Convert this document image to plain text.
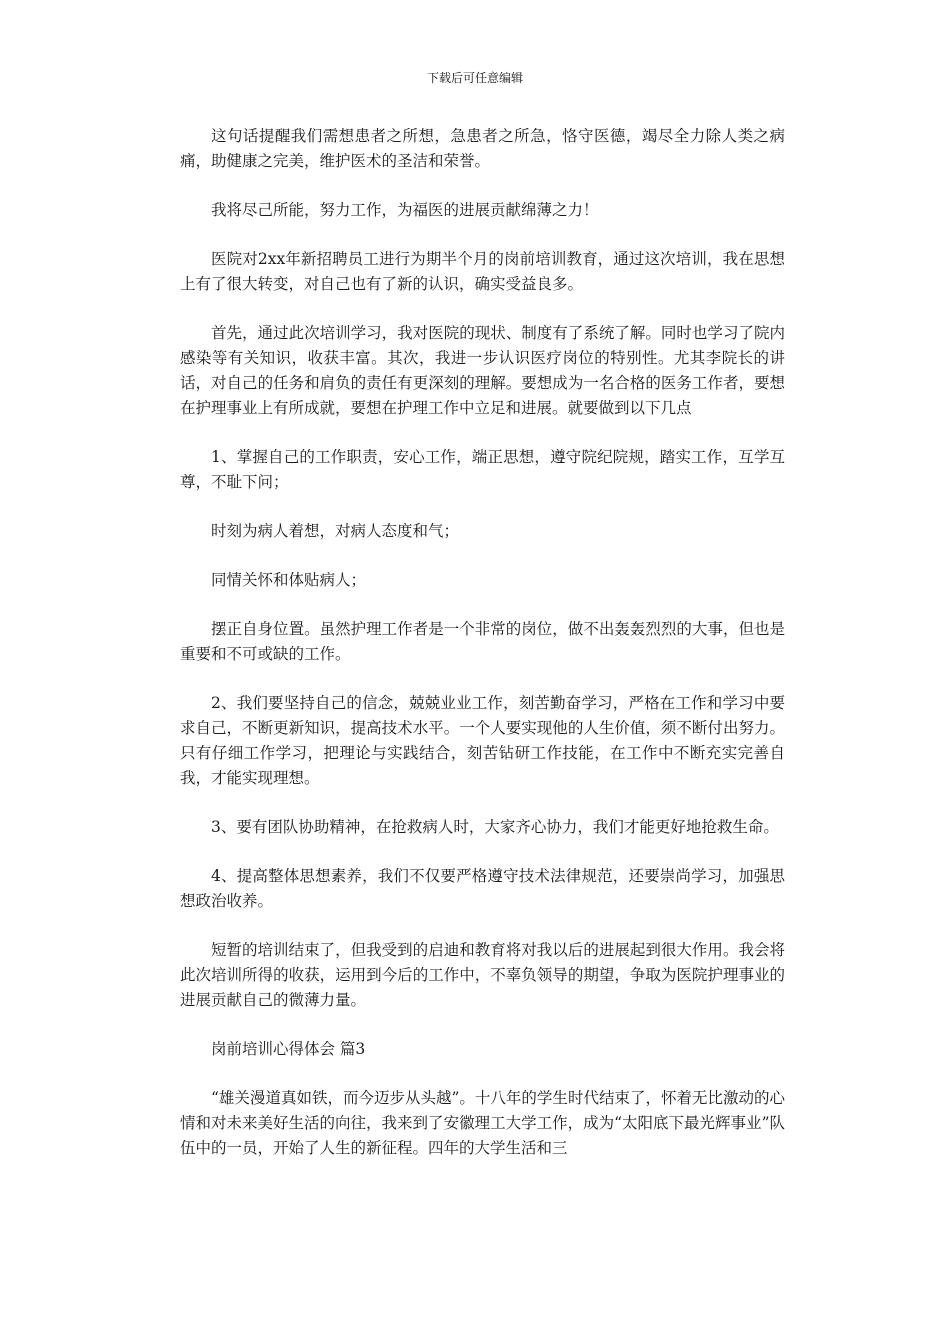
下载后可任意编辑

这句话提醒我们需想患者之所想，急患者之所急，恪守医德，竭尽全力除人类之病痛，助健康之完美，维护医术的圣洁和荣誉。

我将尽己所能，努力工作，为福医的进展贡献绵薄之力！

医院对2xx年新招聘员工进行为期半个月的岗前培训教育，通过这次培训，我在思想上有了很大转变，对自己也有了新的认识，确实受益良多。

首先，通过此次培训学习，我对医院的现状、制度有了系统了解。同时也学习了院内感染等有关知识，收获丰富。其次，我进一步认识医疗岗位的特别性。尤其李院长的讲话，对自己的任务和肩负的责任有更深刻的理解。要想成为一名合格的医务工作者，要想在护理事业上有所成就，要想在护理工作中立足和进展。就要做到以下几点

1、掌握自己的工作职责，安心工作，端正思想，遵守院纪院规，踏实工作，互学互尊，不耻下问；

时刻为病人着想，对病人态度和气；

同情关怀和体贴病人；

摆正自身位置。虽然护理工作者是一个非常的岗位，做不出轰轰烈烈的大事，但也是重要和不可或缺的工作。

2、我们要坚持自己的信念，兢兢业业工作，刻苦勤奋学习，严格在工作和学习中要求自己，不断更新知识，提高技术水平。一个人要实现他的人生价值，须不断付出努力。只有仔细工作学习，把理论与实践结合，刻苦钻研工作技能，在工作中不断充实完善自我，才能实现理想。

3、要有团队协助精神，在抢救病人时，大家齐心协力，我们才能更好地抢救生命。

4、提高整体思想素养，我们不仅要严格遵守技术法律规范，还要崇尚学习，加强思想政治收养。

短暂的培训结束了，但我受到的启迪和教育将对我以后的进展起到很大作用。我会将此次培训所得的收获，运用到今后的工作中，不辜负领导的期望，争取为医院护理事业的进展贡献自己的微薄力量。

岗前培训心得体会 篇3

“雄关漫道真如铁，而今迈步从头越”。十八年的学生时代结束了，怀着无比激动的心情和对未来美好生活的向往，我来到了安徽理工大学工作，成为“太阳底下最光辉事业”队伍中的一员，开始了人生的新征程。四年的大学生活和三
